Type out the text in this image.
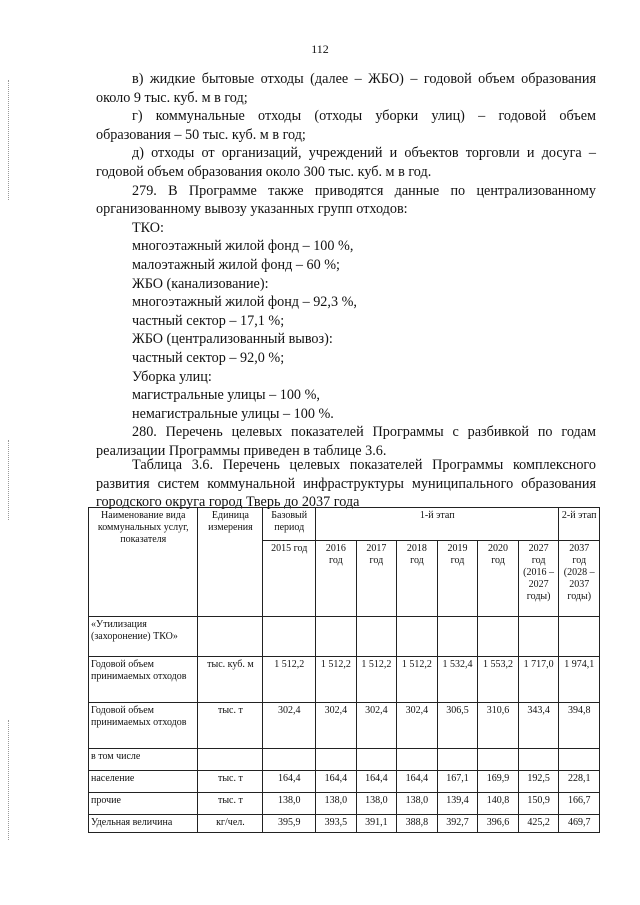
112

в) жидкие бытовые отходы (далее – ЖБО) – годовой объем образования около 9 тыс. куб. м в год;

г) коммунальные отходы (отходы уборки улиц) – годовой объем образования – 50 тыс. куб. м в год;

д) отходы от организаций, учреждений и объектов торговли и досуга – годовой объем образования около 300 тыс. куб. м в год.

279. В Программе также приводятся данные по централизованному организованному вывозу указанных групп отходов:

ТКО:
многоэтажный жилой фонд – 100 %,
малоэтажный жилой фонд – 60 %;
ЖБО (канализование):
многоэтажный жилой фонд – 92,3 %,
частный сектор – 17,1 %;
ЖБО (централизованный вывоз):
частный сектор – 92,0 %;
Уборка улиц:
магистральные улицы – 100 %,
немагистральные улицы – 100 %.

280. Перечень целевых показателей Программы с разбивкой по годам реализации Программы приведен в таблице 3.6.

Таблица 3.6. Перечень целевых показателей Программы комплексного развития систем коммунальной инфраструктуры муниципального образования городского округа город Тверь до 2037 года

Наименование вида коммунальных услуг, показателя	Единица измерения	Базовый период	1-й этап						2-й этап
		2015 год	2016 год	2017 год	2018 год	2019 год	2020 год	2027 год (2016 – 2027 годы)	2037 год (2028 – 2037 годы)
«Утилизация (захоронение) ТКО»									
Годовой объем принимаемых отходов	тыс. куб. м	1 512,2	1 512,2	1 512,2	1 512,2	1 532,4	1 553,2	1 717,0	1 974,1
Годовой объем принимаемых отходов	тыс. т	302,4	302,4	302,4	302,4	306,5	310,6	343,4	394,8
в том числе									
население	тыс. т	164,4	164,4	164,4	164,4	167,1	169,9	192,5	228,1
прочие	тыс. т	138,0	138,0	138,0	138,0	139,4	140,8	150,9	166,7
Удельная величина	кг/чел.	395,9	393,5	391,1	388,8	392,7	396,6	425,2	469,7
